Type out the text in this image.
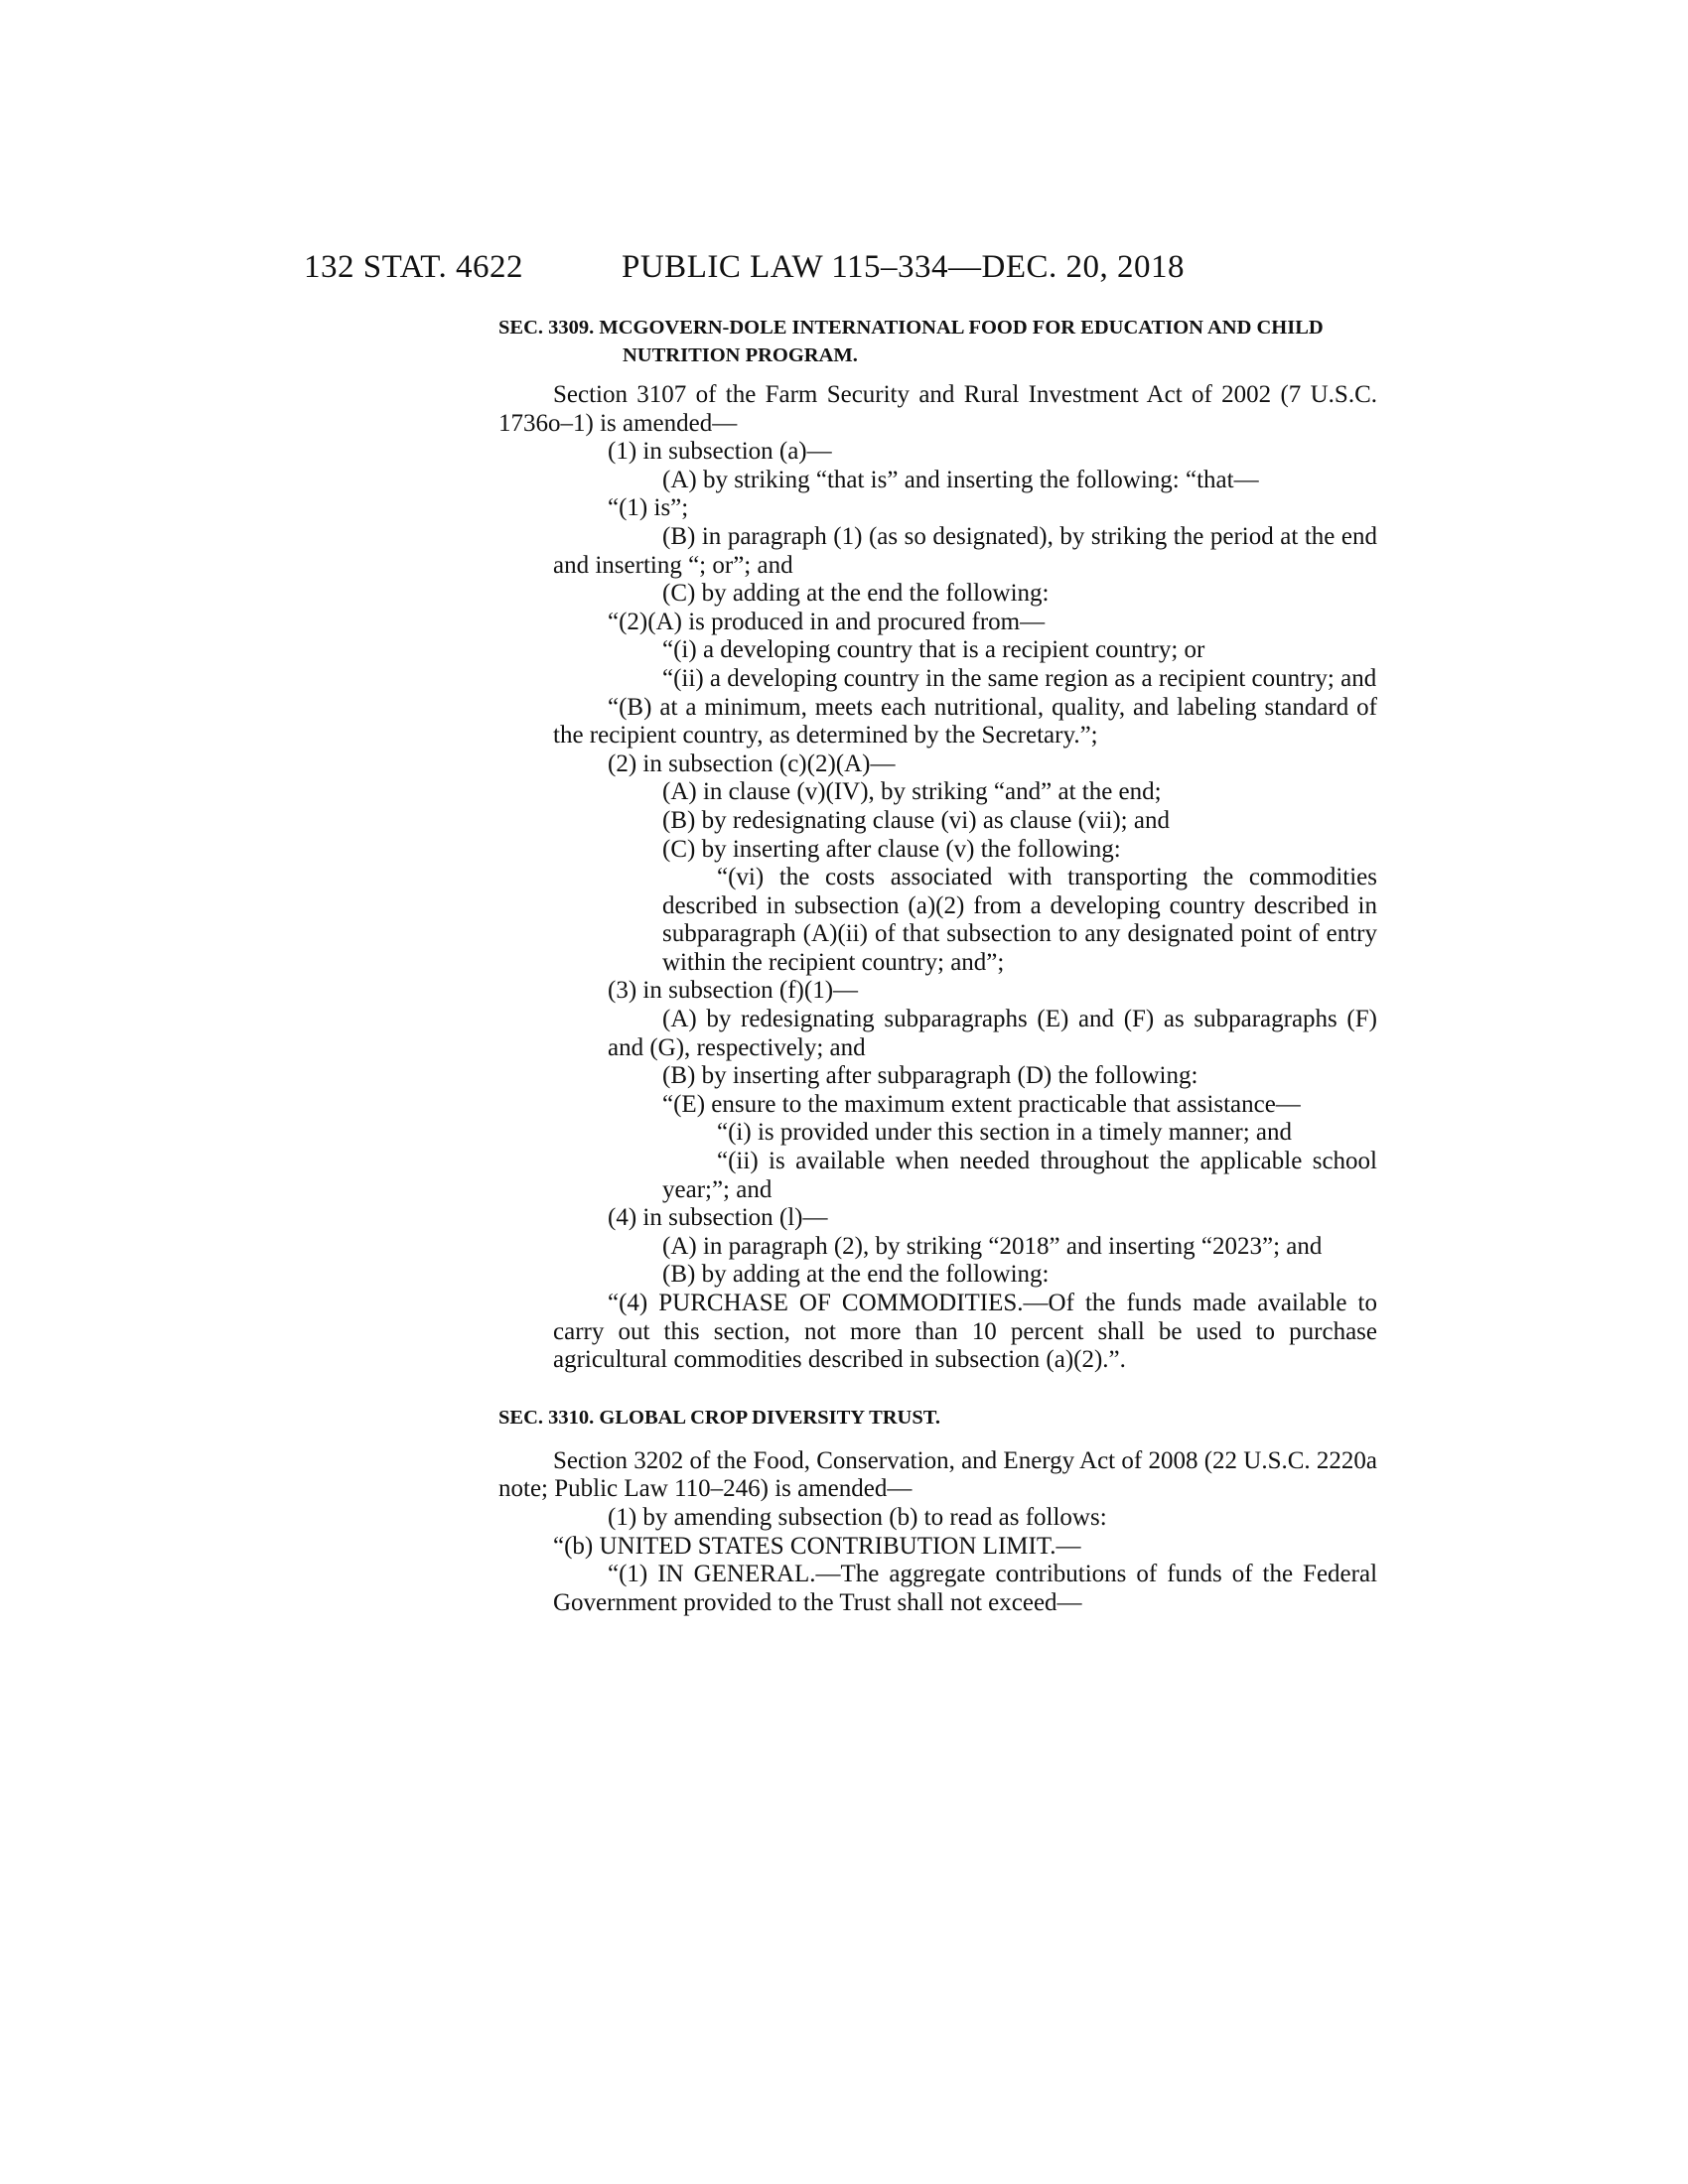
132 STAT. 4622	PUBLIC LAW 115–334—DEC. 20, 2018

SEC. 3309. MCGOVERN-DOLE INTERNATIONAL FOOD FOR EDUCATION AND CHILD NUTRITION PROGRAM.

Section 3107 of the Farm Security and Rural Investment Act of 2002 (7 U.S.C. 1736o–1) is amended—

(1) in subsection (a)—

(A) by striking “that is” and inserting the following: “that—

“(1) is”;

(B) in paragraph (1) (as so designated), by striking the period at the end and inserting “; or”; and

(C) by adding at the end the following:

“(2)(A) is produced in and procured from—

“(i) a developing country that is a recipient country; or

“(ii) a developing country in the same region as a recipient country; and

“(B) at a minimum, meets each nutritional, quality, and labeling standard of the recipient country, as determined by the Secretary.”;

(2) in subsection (c)(2)(A)—

(A) in clause (v)(IV), by striking “and” at the end;

(B) by redesignating clause (vi) as clause (vii); and

(C) by inserting after clause (v) the following:

“(vi) the costs associated with transporting the commodities described in subsection (a)(2) from a developing country described in subparagraph (A)(ii) of that subsection to any designated point of entry within the recipient country; and”;

(3) in subsection (f)(1)—

(A) by redesignating subparagraphs (E) and (F) as subparagraphs (F) and (G), respectively; and

(B) by inserting after subparagraph (D) the following:

“(E) ensure to the maximum extent practicable that assistance—

“(i) is provided under this section in a timely manner; and

“(ii) is available when needed throughout the applicable school year;”; and

(4) in subsection (l)—

(A) in paragraph (2), by striking “2018” and inserting “2023”; and

(B) by adding at the end the following:

“(4) PURCHASE OF COMMODITIES.—Of the funds made available to carry out this section, not more than 10 percent shall be used to purchase agricultural commodities described in subsection (a)(2).”.

SEC. 3310. GLOBAL CROP DIVERSITY TRUST.

Section 3202 of the Food, Conservation, and Energy Act of 2008 (22 U.S.C. 2220a note; Public Law 110–246) is amended—

(1) by amending subsection (b) to read as follows:

“(b) UNITED STATES CONTRIBUTION LIMIT.—

“(1) IN GENERAL.—The aggregate contributions of funds of the Federal Government provided to the Trust shall not exceed—
